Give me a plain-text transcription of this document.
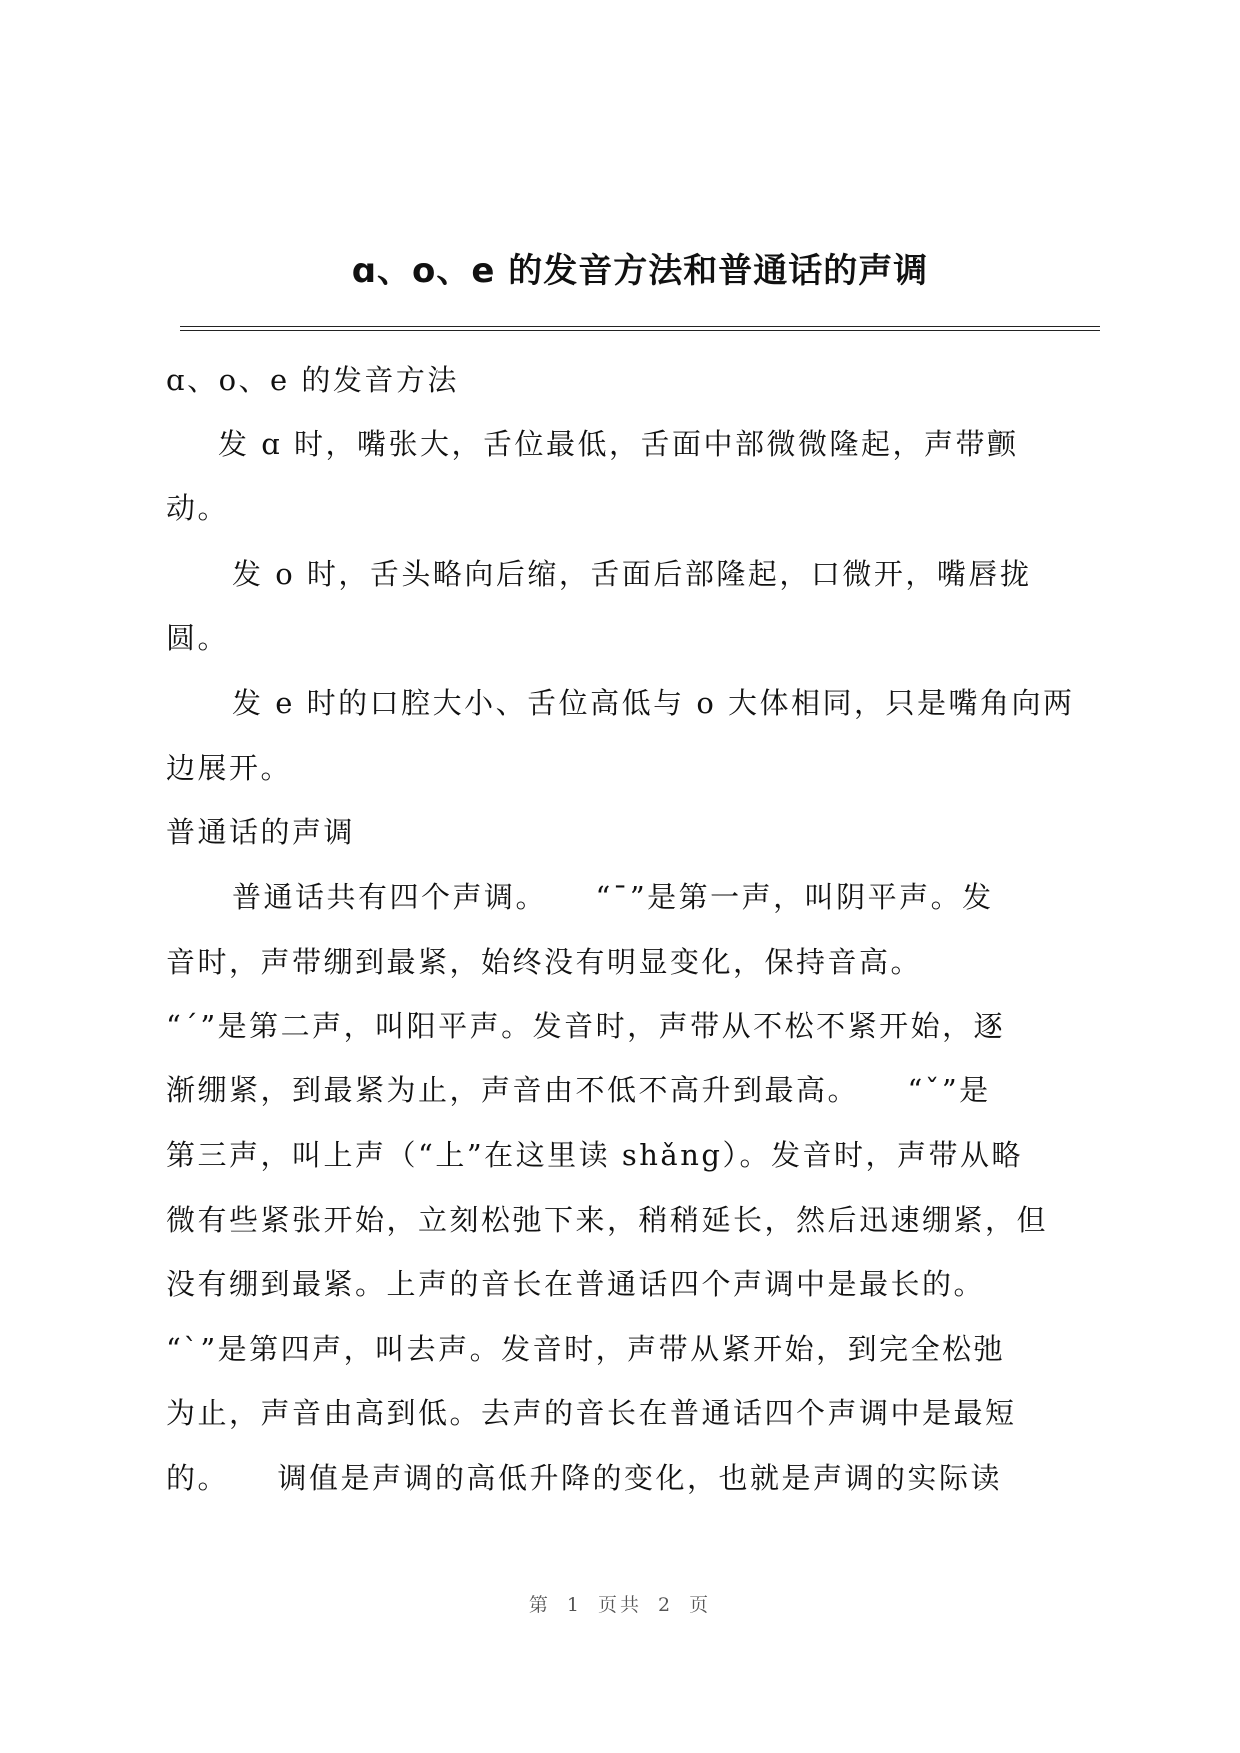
ɑ、o、e 的发音方法和普通话的声调
ɑ、o、e 的发音方法
发 ɑ 时，嘴张大，舌位最低，舌面中部微微隆起，声带颤
动。
发 o 时，舌头略向后缩，舌面后部隆起，口微开，嘴唇拢
圆。
发 e 时的口腔大小、舌位高低与 o 大体相同，只是嘴角向两
边展开。
普通话的声调
普通话共有四个声调。　　“ˉ”是第一声，叫阴平声。发
音时，声带绷到最紧，始终没有明显变化，保持音高。
“ˊ”是第二声，叫阳平声。发音时，声带从不松不紧开始，逐
渐绷紧，到最紧为止，声音由不低不高升到最高。　　“ˇ”是
第三声，叫上声（“上”在这里读 shǎng）。发音时，声带从略
微有些紧张开始，立刻松弛下来，稍稍延长，然后迅速绷紧，但
没有绷到最紧。上声的音长在普通话四个声调中是最长的。
“ˋ”是第四声，叫去声。发音时，声带从紧开始，到完全松弛
为止，声音由高到低。去声的音长在普通话四个声调中是最短
的。　　调值是声调的高低升降的变化，也就是声调的实际读
第 1 页共 2 页
